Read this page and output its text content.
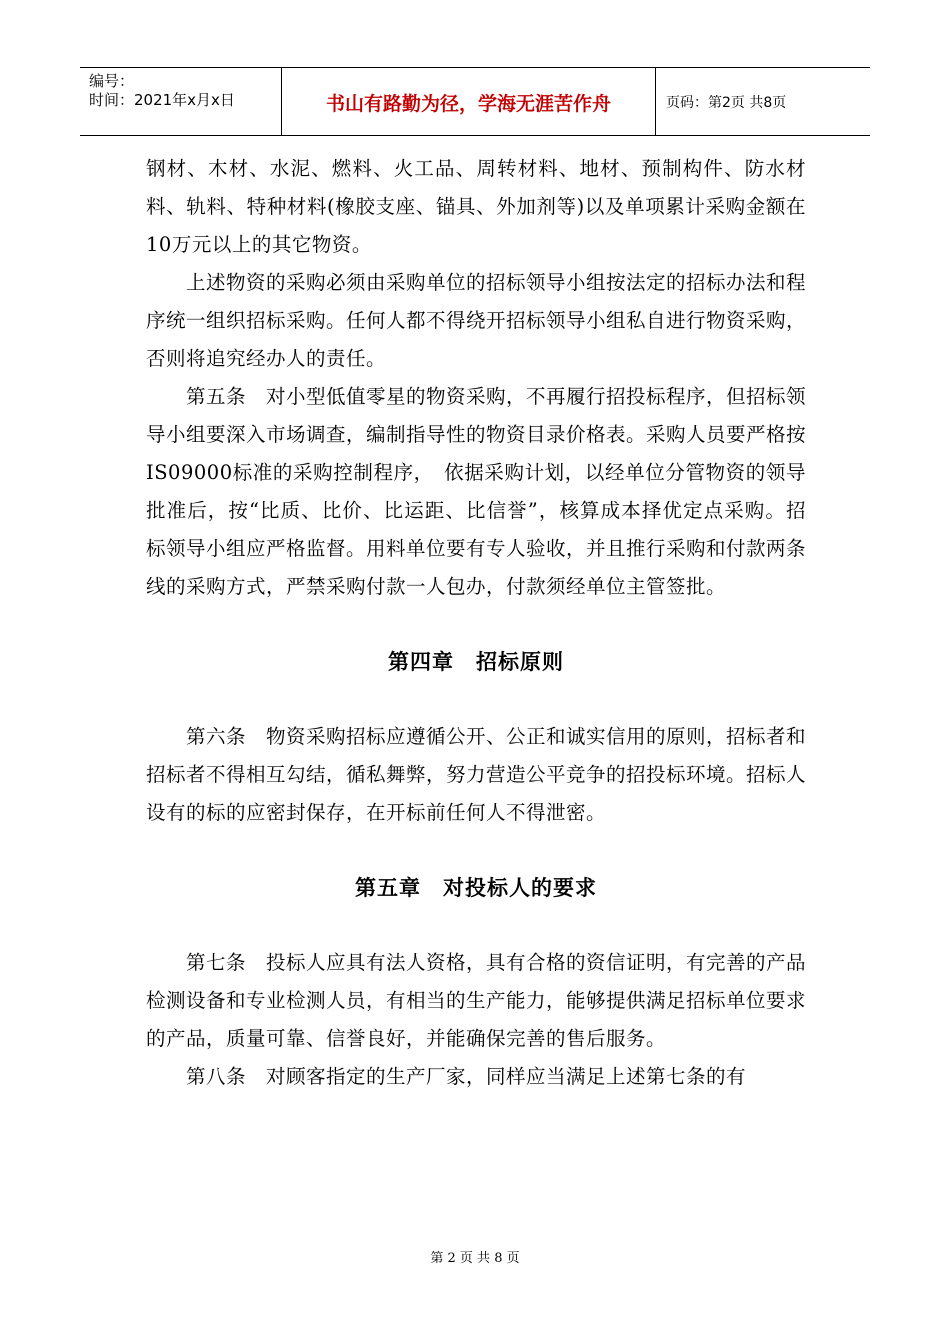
编号：
时间：2021年x月x日	书山有路勤为径，学海无涯苦作舟	页码：第2页 共8页

钢材、木材、水泥、燃料、火工品、周转材料、地材、预制构件、防水材料、轨料、特种材料(橡胶支座、锚具、外加剂等)以及单项累计采购金额在10万元以上的其它物资。

上述物资的采购必须由采购单位的招标领导小组按法定的招标办法和程序统一组织招标采购。任何人都不得绕开招标领导小组私自进行物资采购，否则将追究经办人的责任。

第五条　对小型低值零星的物资采购，不再履行招投标程序，但招标领导小组要深入市场调查，编制指导性的物资目录价格表。采购人员要严格按IS09000标准的采购控制程序，　依据采购计划，以经单位分管物资的领导批准后，按“比质、比价、比运距、比信誉”，核算成本择优定点采购。招标领导小组应严格监督。用料单位要有专人验收，并且推行采购和付款两条线的采购方式，严禁采购付款一人包办，付款须经单位主管签批。

第四章　招标原则

第六条　物资采购招标应遵循公开、公正和诚实信用的原则，招标者和招标者不得相互勾结，循私舞弊，努力营造公平竞争的招投标环境。招标人设有的标的应密封保存，在开标前任何人不得泄密。

第五章　对投标人的要求

第七条　投标人应具有法人资格，具有合格的资信证明，有完善的产品检测设备和专业检测人员，有相当的生产能力，能够提供满足招标单位要求的产品，质量可靠、信誉良好，并能确保完善的售后服务。

第八条　对顾客指定的生产厂家，同样应当满足上述第七条的有

第 2 页 共 8 页
